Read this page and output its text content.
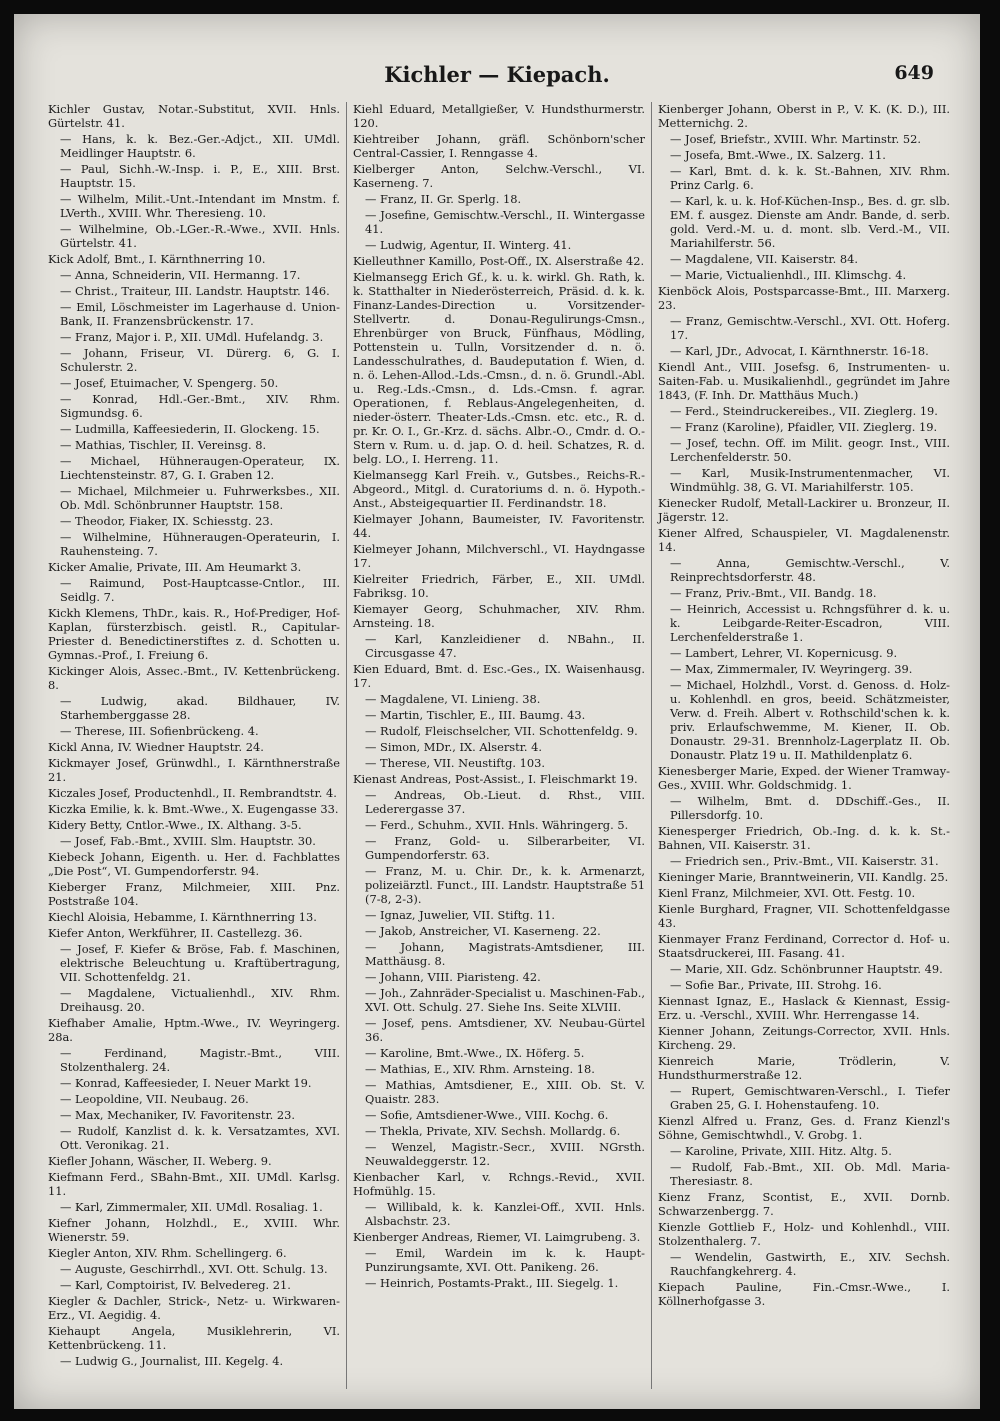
Kichler — Kiepach.	649
Kichler Gustav, Notar.-Substitut, XVII. Hnls. Gürtelstr. 41.
— Hans, k. k. Bez.-Ger.-Adjct., XII. UMdl. Meidlinger Hauptstr. 6.
— Paul, Sichh.-W.-Insp. i. P., E., XIII. Brst. Hauptstr. 15.
— Wilhelm, Milit.-Unt.-Intendant im Mnstm. f. LVerth., XVIII. Whr. Theresieng. 10.
— Wilhelmine, Ob.-LGer.-R.-Wwe., XVII. Hnls. Gürtelstr. 41.
Kick Adolf, Bmt., I. Kärnthnerring 10.
— Anna, Schneiderin, VII. Hermanng. 17.
— Christ., Traiteur, III. Landstr. Hauptstr. 146.
— Emil, Löschmeister im Lagerhause d. Union-Bank, II. Franzensbrückenstr. 17.
— Franz, Major i. P., XII. UMdl. Hufelandg. 3.
— Johann, Friseur, VI. Dürerg. 6, G. I. Schulerstr. 2.
— Josef, Etuimacher, V. Spengerg. 50.
— Konrad, Hdl.-Ger.-Bmt., XIV. Rhm. Sigmundsg. 6.
— Ludmilla, Kaffeesiederin, II. Glockeng. 15.
— Mathias, Tischler, II. Vereinsg. 8.
— Michael, Hühneraugen-Operateur, IX. Liechtensteinstr. 87, G. I. Graben 12.
— Michael, Milchmeier u. Fuhrwerksbes., XII. Ob. Mdl. Schönbrunner Hauptstr. 158.
— Theodor, Fiaker, IX. Schiesstg. 23.
— Wilhelmine, Hühneraugen-Operateurin, I. Rauhensteing. 7.
Kicker Amalie, Private, III. Am Heumarkt 3.
— Raimund, Post-Hauptcasse-Cntlor., III. Seidlg. 7.
Kickh Klemens, ThDr., kais. R., Hof-Prediger, Hof-Kaplan, fürsterzbisch. geistl. R., Capitular-Priester d. Benedictinerstiftes z. d. Schotten u. Gymnas.-Prof., I. Freiung 6.
Kickinger Alois, Assec.-Bmt., IV. Kettenbrückeng. 8.
— Ludwig, akad. Bildhauer, IV. Starhemberggasse 28.
— Therese, III. Sofienbrückeng. 4.
Kickl Anna, IV. Wiedner Hauptstr. 24.
Kickmayer Josef, Grünwdhl., I. Kärnthnerstraße 21.
Kiczales Josef, Productenhdl., II. Rembrandtstr. 4.
Kiczka Emilie, k. k. Bmt.-Wwe., X. Eugengasse 33.
Kidery Betty, Cntlor.-Wwe., IX. Althang. 3-5.
— Josef, Fab.-Bmt., XVIII. Slm. Hauptstr. 30.
Kiebeck Johann, Eigenth. u. Her. d. Fachblattes „Die Post“, VI. Gumpendorferstr. 94.
Kieberger Franz, Milchmeier, XIII. Pnz. Poststraße 104.
Kiechl Aloisia, Hebamme, I. Kärnthnerring 13.
Kiefer Anton, Werkführer, II. Castellezg. 36.
— Josef, F. Kiefer & Bröse, Fab. f. Maschinen, elektrische Beleuchtung u. Kraftübertragung, VII. Schottenfeldg. 21.
— Magdalene, Victualienhdl., XIV. Rhm. Dreihausg. 20.
Kiefhaber Amalie, Hptm.-Wwe., IV. Weyringerg. 28a.
— Ferdinand, Magistr.-Bmt., VIII. Stolzenthalerg. 24.
— Konrad, Kaffeesieder, I. Neuer Markt 19.
— Leopoldine, VII. Neubaug. 26.
— Max, Mechaniker, IV. Favoritenstr. 23.
— Rudolf, Kanzlist d. k. k. Versatzamtes, XVI. Ott. Veronikag. 21.
Kiefler Johann, Wäscher, II. Weberg. 9.
Kiefmann Ferd., SBahn-Bmt., XII. UMdl. Karlsg. 11.
— Karl, Zimmermaler, XII. UMdl. Rosaliag. 1.
Kiefner Johann, Holzhdl., E., XVIII. Whr. Wienerstr. 59.
Kiegler Anton, XIV. Rhm. Schellingerg. 6.
— Auguste, Geschirrhdl., XVI. Ott. Schulg. 13.
— Karl, Comptoirist, IV. Belvedereg. 21.
Kiegler & Dachler, Strick-, Netz- u. Wirkwaren-Erz., VI. Aegidig. 4.
Kiehaupt Angela, Musiklehrerin, VI. Kettenbrückeng. 11.
— Ludwig G., Journalist, III. Kegelg. 4.
Kiehl Eduard, Metallgießer, V. Hundsthurmerstr. 120.
Kiehtreiber Johann, gräfl. Schönborn'scher Central-Cassier, I. Renngasse 4.
Kielberger Anton, Selchw.-Verschl., VI. Kaserneng. 7.
— Franz, II. Gr. Sperlg. 18.
— Josefine, Gemischtw.-Verschl., II. Wintergasse 41.
— Ludwig, Agentur, II. Winterg. 41.
Kielleuthner Kamillo, Post-Off., IX. Alserstraße 42.
Kielmansegg Erich Gf., k. u. k. wirkl. Gh. Rath, k. k. Statthalter in Niederösterreich, Präsid. d. k. k. Finanz-Landes-Direction u. Vorsitzender-Stellvertr. d. Donau-Regulirungs-Cmsn., Ehrenbürger von Bruck, Fünfhaus, Mödling, Pottenstein u. Tulln, Vorsitzender d. n. ö. Landesschulrathes, d. Baudeputation f. Wien, d. n. ö. Lehen-Allod.-Lds.-Cmsn., d. n. ö. Grundl.-Abl. u. Reg.-Lds.-Cmsn., d. Lds.-Cmsn. f. agrar. Operationen, f. Reblaus-Angelegenheiten, d. nieder-österr. Theater-Lds.-Cmsn. etc. etc., R. d. pr. Kr. O. I., Gr.-Krz. d. sächs. Albr.-O., Cmdr. d. O.-Stern v. Rum. u. d. jap. O. d. heil. Schatzes, R. d. belg. LO., I. Herreng. 11.
Kielmansegg Karl Freih. v., Gutsbes., Reichs-R.-Abgeord., Mitgl. d. Curatoriums d. n. ö. Hypoth.-Anst., Absteigequartier II. Ferdinandstr. 18.
Kielmayer Johann, Baumeister, IV. Favoritenstr. 44.
Kielmeyer Johann, Milchverschl., VI. Haydngasse 17.
Kielreiter Friedrich, Färber, E., XII. UMdl. Fabriksg. 10.
Kiemayer Georg, Schuhmacher, XIV. Rhm. Arnsteing. 18.
— Karl, Kanzleidiener d. NBahn., II. Circusgasse 47.
Kien Eduard, Bmt. d. Esc.-Ges., IX. Waisenhausg. 17.
— Magdalene, VI. Linieng. 38.
— Martin, Tischler, E., III. Baumg. 43.
— Rudolf, Fleischselcher, VII. Schottenfeldg. 9.
— Simon, MDr., IX. Alserstr. 4.
— Therese, VII. Neustiftg. 103.
Kienast Andreas, Post-Assist., I. Fleischmarkt 19.
— Andreas, Ob.-Lieut. d. Rhst., VIII. Lederergasse 37.
— Ferd., Schuhm., XVII. Hnls. Währingerg. 5.
— Franz, Gold- u. Silberarbeiter, VI. Gumpendorferstr. 63.
— Franz, M. u. Chir. Dr., k. k. Armenarzt, polizeiärztl. Funct., III. Landstr. Hauptstraße 51 (7-8, 2-3).
— Ignaz, Juwelier, VII. Stiftg. 11.
— Jakob, Anstreicher, VI. Kaserneng. 22.
— Johann, Magistrats-Amtsdiener, III. Matthäusg. 8.
— Johann, VIII. Piaristeng. 42.
— Joh., Zahnräder-Specialist u. Maschinen-Fab., XVI. Ott. Schulg. 27. Siehe Ins. Seite XLVIII.
— Josef, pens. Amtsdiener, XV. Neubau-Gürtel 36.
— Karoline, Bmt.-Wwe., IX. Höferg. 5.
— Mathias, E., XIV. Rhm. Arnsteing. 18.
— Mathias, Amtsdiener, E., XIII. Ob. St. V. Quaistr. 283.
— Sofie, Amtsdiener-Wwe., VIII. Kochg. 6.
— Thekla, Private, XIV. Sechsh. Mollardg. 6.
— Wenzel, Magistr.-Secr., XVIII. NGrsth. Neuwaldeggerstr. 12.
Kienbacher Karl, v. Rchngs.-Revid., XVII. Hofmühlg. 15.
— Willibald, k. k. Kanzlei-Off., XVII. Hnls. Alsbachstr. 23.
Kienberger Andreas, Riemer, VI. Laimgrubeng. 3.
— Emil, Wardein im k. k. Haupt-Punzirungsamte, XVI. Ott. Panikeng. 26.
— Heinrich, Postamts-Prakt., III. Siegelg. 1.
Kienberger Johann, Oberst in P., V. K. (K. D.), III. Metternichg. 2.
— Josef, Briefstr., XVIII. Whr. Martinstr. 52.
— Josefa, Bmt.-Wwe., IX. Salzerg. 11.
— Karl, Bmt. d. k. k. St.-Bahnen, XIV. Rhm. Prinz Carlg. 6.
— Karl, k. u. k. Hof-Küchen-Insp., Bes. d. gr. slb. EM. f. ausgez. Dienste am Andr. Bande, d. serb. gold. Verd.-M. u. d. mont. slb. Verd.-M., VII. Mariahilferstr. 56.
— Magdalene, VII. Kaiserstr. 84.
— Marie, Victualienhdl., III. Klimschg. 4.
Kienböck Alois, Postsparcasse-Bmt., III. Marxerg. 23.
— Franz, Gemischtw.-Verschl., XVI. Ott. Hoferg. 17.
— Karl, JDr., Advocat, I. Kärnthnerstr. 16-18.
Kiendl Ant., VIII. Josefsg. 6, Instrumenten- u. Saiten-Fab. u. Musikalienhdl., gegründet im Jahre 1843, (F. Inh. Dr. Matthäus Much.)
— Ferd., Steindruckereibes., VII. Zieglerg. 19.
— Franz (Karoline), Pfaidler, VII. Zieglerg. 19.
— Josef, techn. Off. im Milit. geogr. Inst., VIII. Lerchenfelderstr. 50.
— Karl, Musik-Instrumentenmacher, VI. Windmühlg. 38, G. VI. Mariahilferstr. 105.
Kienecker Rudolf, Metall-Lackirer u. Bronzeur, II. Jägerstr. 12.
Kiener Alfred, Schauspieler, VI. Magdalenenstr. 14.
— Anna, Gemischtw.-Verschl., V. Reinprechtsdorferstr. 48.
— Franz, Priv.-Bmt., VII. Bandg. 18.
— Heinrich, Accessist u. Rchngsführer d. k. u. k. Leibgarde-Reiter-Escadron, VIII. Lerchenfelderstraße 1.
— Lambert, Lehrer, VI. Kopernicusg. 9.
— Max, Zimmermaler, IV. Weyringerg. 39.
— Michael, Holzhdl., Vorst. d. Genoss. d. Holz- u. Kohlenhdl. en gros, beeid. Schätzmeister, Verw. d. Freih. Albert v. Rothschild'schen k. k. priv. Erlaufschwemme, M. Kiener, II. Ob. Donaustr. 29-31. Brennholz-Lagerplatz II. Ob. Donaustr. Platz 19 u. II. Mathildenplatz 6.
Kienesberger Marie, Exped. der Wiener Tramway-Ges., XVIII. Whr. Goldschmidg. 1.
— Wilhelm, Bmt. d. DDschiff.-Ges., II. Pillersdorfg. 10.
Kienesperger Friedrich, Ob.-Ing. d. k. k. St.-Bahnen, VII. Kaiserstr. 31.
— Friedrich sen., Priv.-Bmt., VII. Kaiserstr. 31.
Kieninger Marie, Branntweinerin, VII. Kandlg. 25.
Kienl Franz, Milchmeier, XVI. Ott. Festg. 10.
Kienle Burghard, Fragner, VII. Schottenfeldgasse 43.
Kienmayer Franz Ferdinand, Corrector d. Hof- u. Staatsdruckerei, III. Fasang. 41.
— Marie, XII. Gdz. Schönbrunner Hauptstr. 49.
— Sofie Bar., Private, III. Strohg. 16.
Kiennast Ignaz, E., Haslack & Kiennast, Essig-Erz. u. -Verschl., XVIII. Whr. Herrengasse 14.
Kienner Johann, Zeitungs-Corrector, XVII. Hnls. Kircheng. 29.
Kienreich Marie, Trödlerin, V. Hundsthurmerstraße 12.
— Rupert, Gemischtwaren-Verschl., I. Tiefer Graben 25, G. I. Hohenstaufeng. 10.
Kienzl Alfred u. Franz, Ges. d. Franz Kienzl's Söhne, Gemischtwhdl., V. Grobg. 1.
— Karoline, Private, XIII. Hitz. Altg. 5.
— Rudolf, Fab.-Bmt., XII. Ob. Mdl. Maria-Theresiastr. 8.
Kienz Franz, Scontist, E., XVII. Dornb. Schwarzenbergg. 7.
Kienzle Gottlieb F., Holz- und Kohlenhdl., VIII. Stolzenthalerg. 7.
— Wendelin, Gastwirth, E., XIV. Sechsh. Rauchfangkehrerg. 4.
Kiepach Pauline, Fin.-Cmsr.-Wwe., I. Köllnerhofgasse 3.
